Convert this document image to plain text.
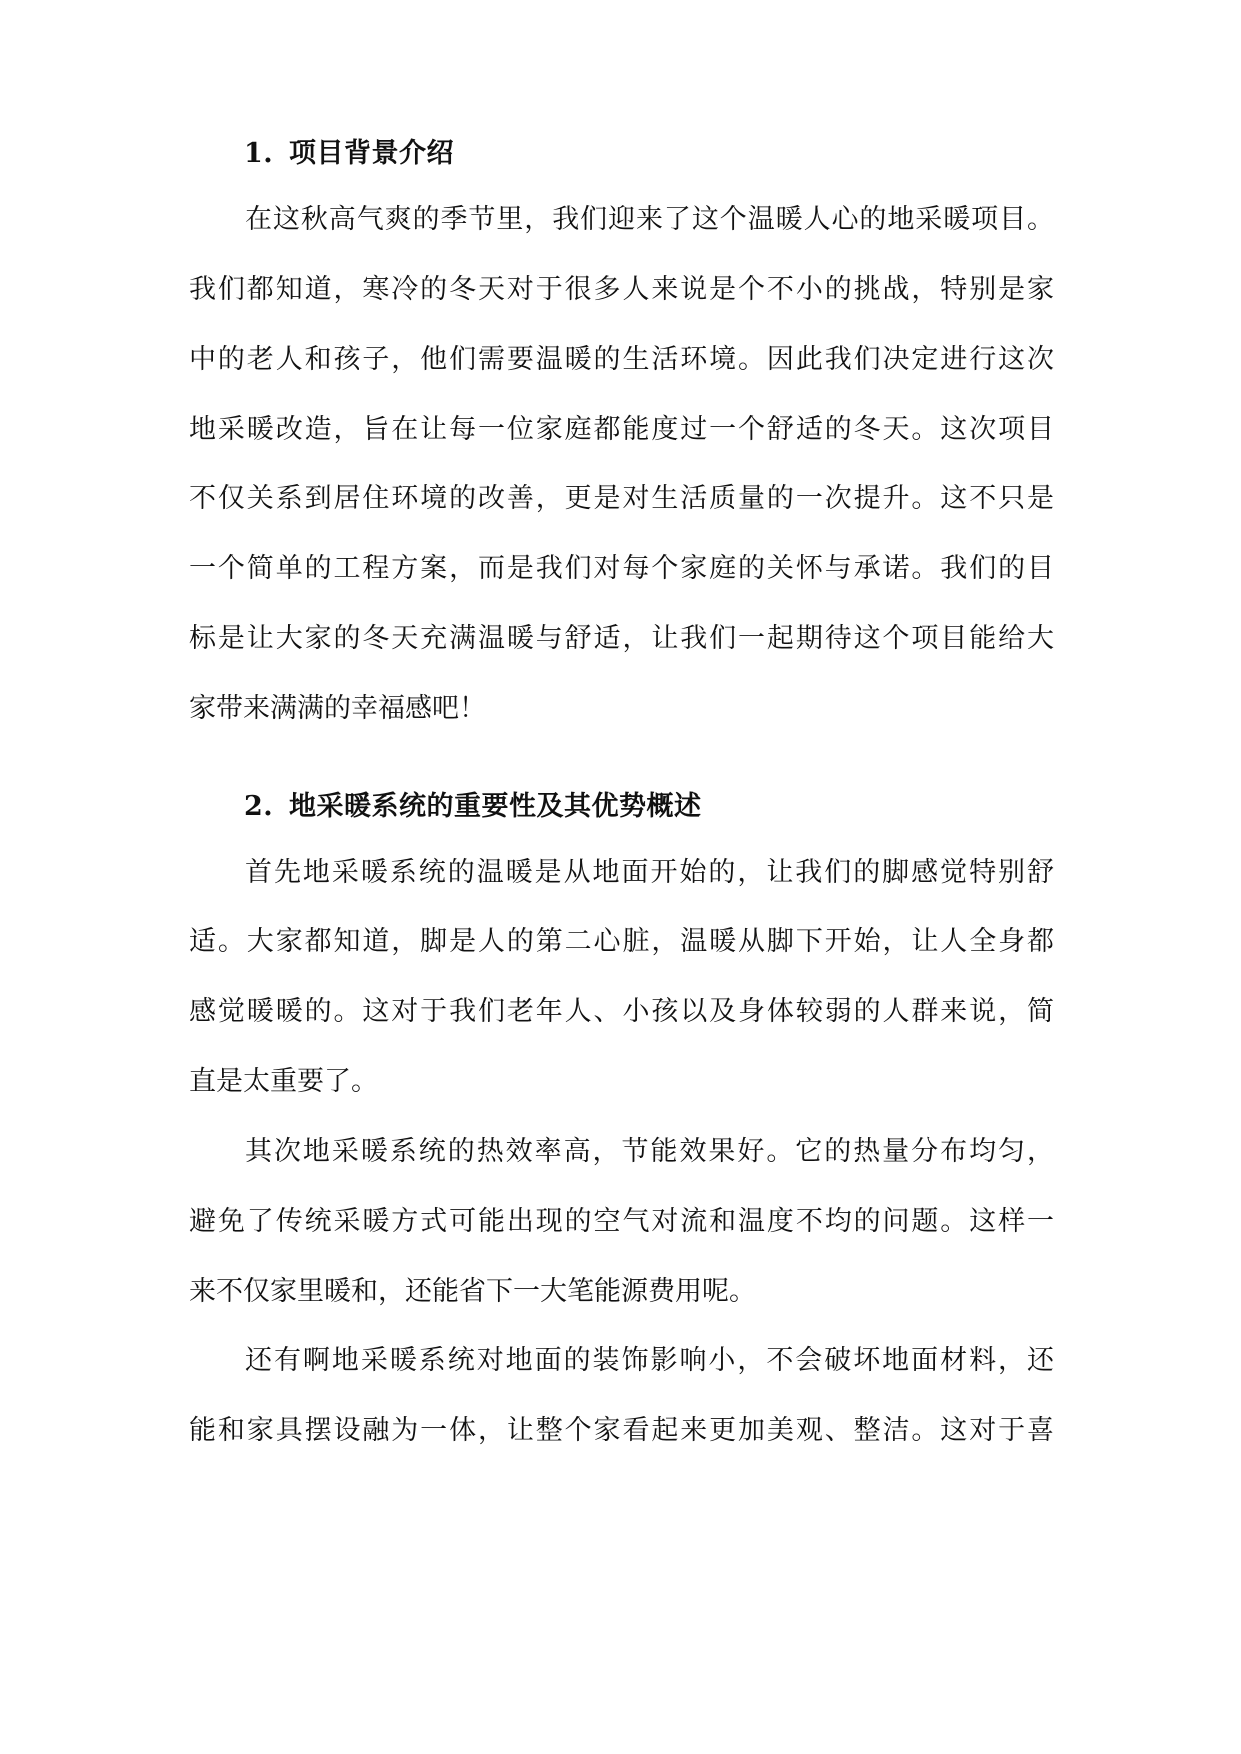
1. 项目背景介绍
在这秋高气爽的季节里，我们迎来了这个温暖人心的地采暖项目。
我们都知道，寒冷的冬天对于很多人来说是个不小的挑战，特别是家
中的老人和孩子，他们需要温暖的生活环境。因此我们决定进行这次
地采暖改造，旨在让每一位家庭都能度过一个舒适的冬天。这次项目
不仅关系到居住环境的改善，更是对生活质量的一次提升。这不只是
一个简单的工程方案，而是我们对每个家庭的关怀与承诺。我们的目
标是让大家的冬天充满温暖与舒适，让我们一起期待这个项目能给大
家带来满满的幸福感吧！
2. 地采暖系统的重要性及其优势概述
首先地采暖系统的温暖是从地面开始的，让我们的脚感觉特别舒
适。大家都知道，脚是人的第二心脏，温暖从脚下开始，让人全身都
感觉暖暖的。这对于我们老年人、小孩以及身体较弱的人群来说，简
直是太重要了。
其次地采暖系统的热效率高，节能效果好。它的热量分布均匀，
避免了传统采暖方式可能出现的空气对流和温度不均的问题。这样一
来不仅家里暖和，还能省下一大笔能源费用呢。
还有啊地采暖系统对地面的装饰影响小，不会破坏地面材料，还
能和家具摆设融为一体，让整个家看起来更加美观、整洁。这对于喜
